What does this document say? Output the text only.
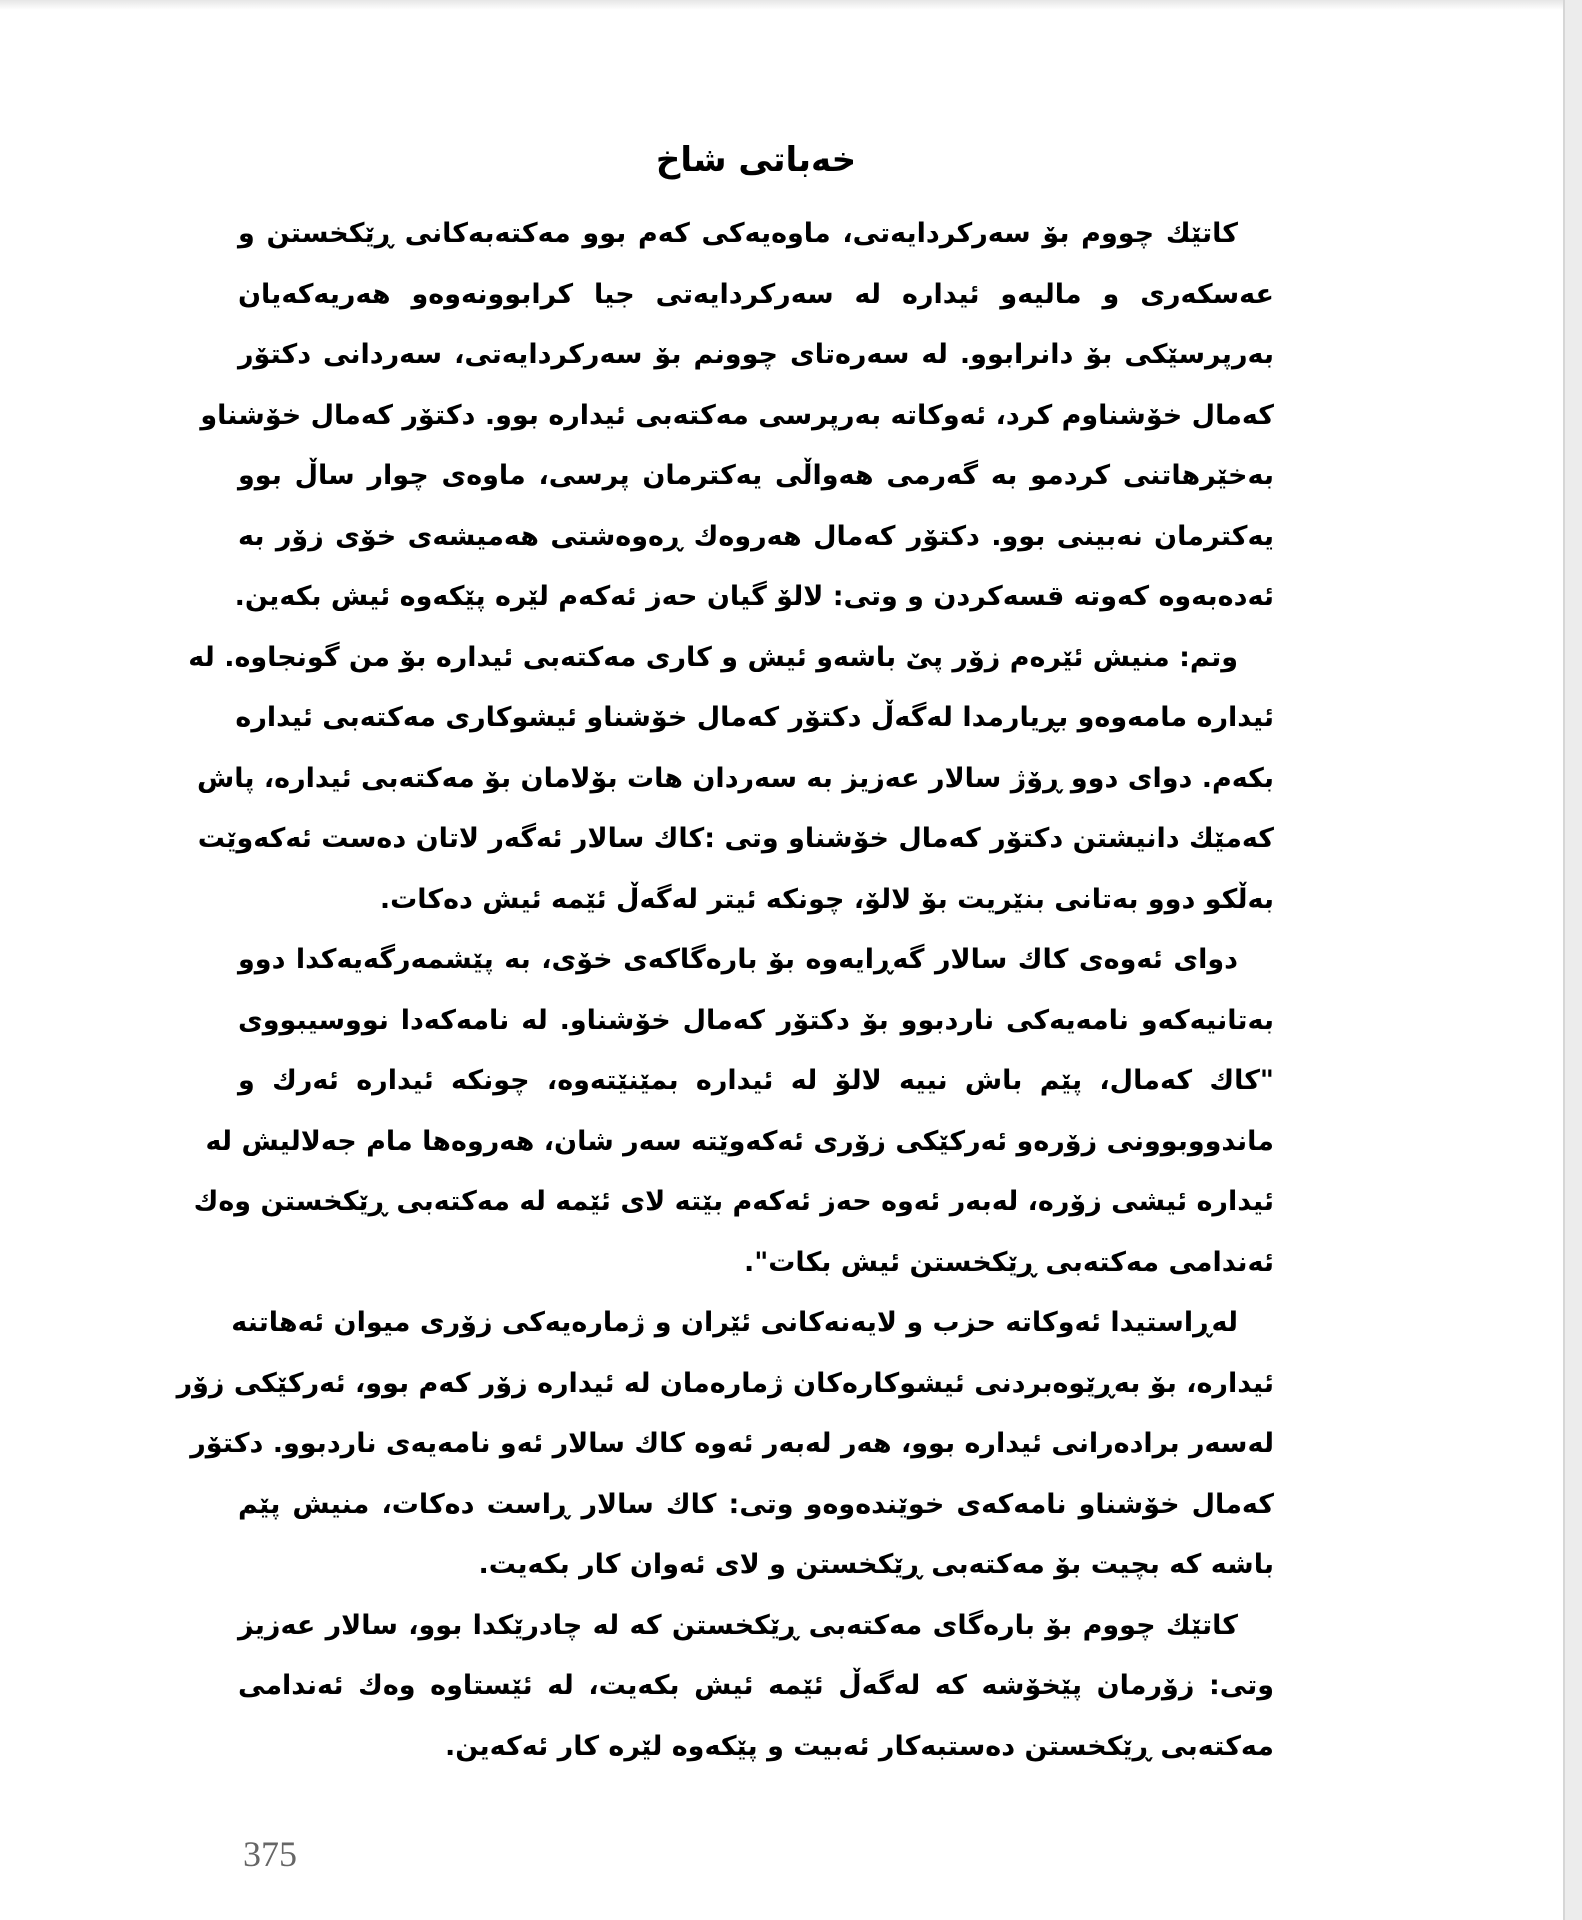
خەباتی شاخ
کاتێك چووم بۆ سەرکردایەتی، ماوەیەکی کەم بوو مەکتەبەکانی ڕێکخستن و
عەسکەری و مالیەو ئیدارە لە سەرکردایەتی جیا کرابوونەوەو هەریەکەیان
بەرپرسێکی بۆ دانرابوو. لە سەرەتای چوونم بۆ سەرکردایەتی، سەردانی دکتۆر
کەمال خۆشناوم کرد، ئەوکاتە بەرپرسی مەکتەبی ئیدارە بوو. دکتۆر کەمال خۆشناو
بەخێرهاتنی کردمو بە گەرمی هەواڵی یەکترمان پرسی، ماوەی چوار ساڵ بوو
یەکترمان نەبینی بوو. دکتۆر کەمال هەروەك ڕەوەشتی هەمیشەی خۆی زۆر بە
ئەدەبەوە کەوتە قسەکردن و وتی: لالۆ گیان حەز ئەکەم لێرە پێکەوە ئیش بکەین.
وتم: منیش ئێرەم زۆر پێ باشەو ئیش و کاری مەکتەبی ئیدارە بۆ من گونجاوە. لە
ئیدارە مامەوەو بڕیارمدا لەگەڵ دکتۆر کەمال خۆشناو ئیشوکاری مەکتەبی ئیدارە
بکەم. دوای دوو ڕۆژ سالار عەزیز بە سەردان هات بۆلامان بۆ مەکتەبی ئیدارە، پاش
کەمێك دانیشتن دکتۆر کەمال خۆشناو وتی :کاك سالار ئەگەر لاتان دەست ئەکەوێت
بەڵکو دوو بەتانی بنێریت بۆ لالۆ، چونکە ئیتر لەگەڵ ئێمە ئیش دەکات.
دوای ئەوەی کاك سالار گەڕایەوە بۆ بارەگاکەی خۆی، بە پێشمەرگەیەکدا دوو
بەتانیەکەو نامەیەکی ناردبوو بۆ دکتۆر کەمال خۆشناو. لە نامەکەدا نووسیبووی
"کاك کەمال، پێم باش نییە لالۆ لە ئیدارە بمێنێتەوە، چونکە ئیدارە ئەرك و
ماندووبوونی زۆرەو ئەرکێکی زۆری ئەکەوێتە سەر شان، هەروەها مام جەلالیش لە
ئیدارە ئیشی زۆرە، لەبەر ئەوە حەز ئەکەم بێتە لای ئێمە لە مەکتەبی ڕێکخستن وەك
ئەندامی مەکتەبی ڕێکخستن ئیش بکات".
لەڕاستیدا ئەوکاتە حزب و لایەنەکانی ئێران و ژمارەیەکی زۆری میوان ئەهاتنە
ئیدارە، بۆ بەڕێوەبردنی ئیشوکارەکان ژمارەمان لە ئیدارە زۆر کەم بوو، ئەرکێکی زۆر
لەسەر برادەرانی ئیدارە بوو، هەر لەبەر ئەوە کاك سالار ئەو نامەیەی ناردبوو. دکتۆر
کەمال خۆشناو نامەکەی خوێندەوەو وتی: کاك سالار ڕاست دەکات، منیش پێم
باشە کە بچیت بۆ مەکتەبی ڕێکخستن و لای ئەوان کار بکەیت.
کاتێك چووم بۆ بارەگای مەکتەبی ڕێکخستن کە لە چادرێکدا بوو، سالار عەزیز
وتی: زۆرمان پێخۆشە کە لەگەڵ ئێمە ئیش بکەیت، لە ئێستاوە وەك ئەندامی
مەکتەبی ڕێکخستن دەستبەکار ئەبیت و پێکەوە لێرە کار ئەکەین.
375
